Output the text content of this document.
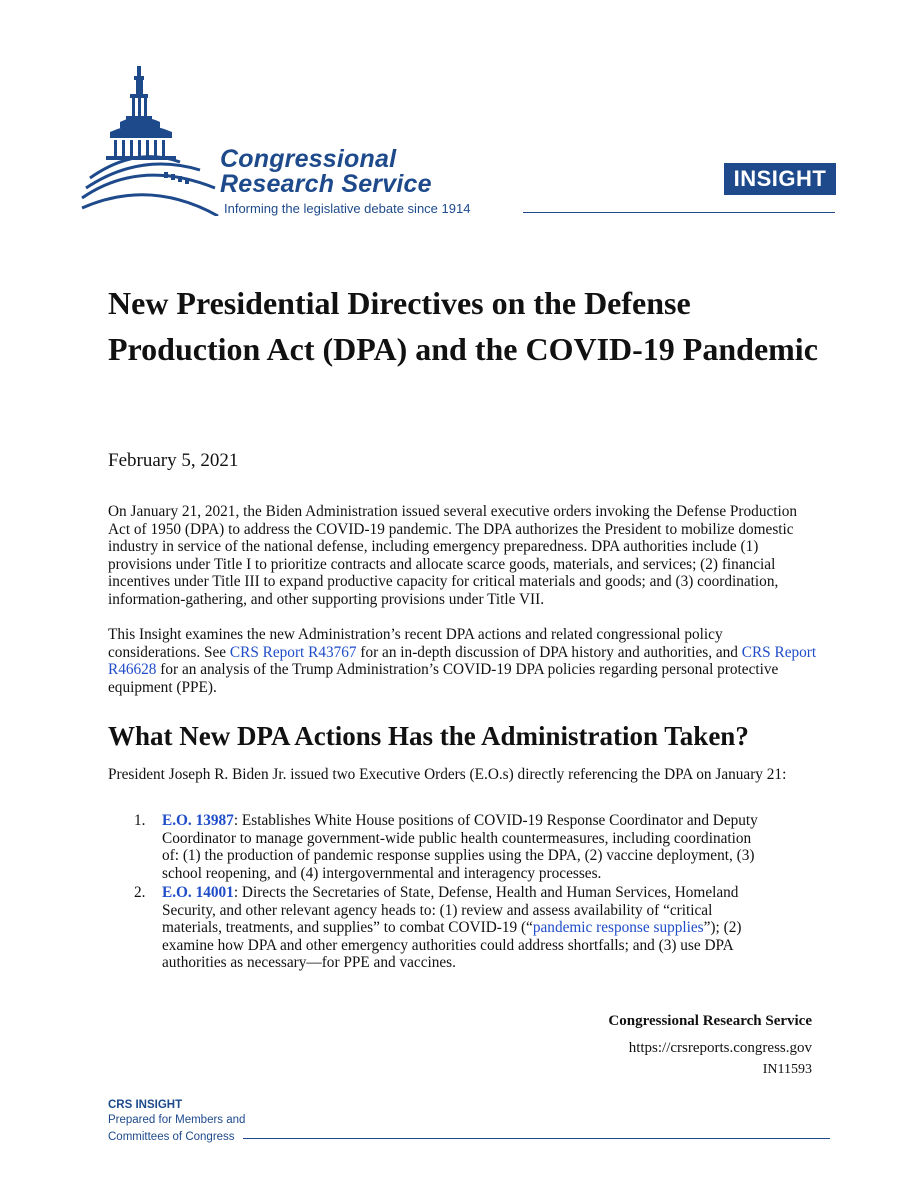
Congressional
Research Service
Informing the legislative debate since 1914
INSIGHT
New Presidential Directives on the Defense Production Act (DPA) and the COVID-19 Pandemic
February 5, 2021

On January 21, 2021, the Biden Administration issued several executive orders invoking the Defense Production Act of 1950 (DPA) to address the COVID-19 pandemic. The DPA authorizes the President to mobilize domestic industry in service of the national defense, including emergency preparedness. DPA authorities include (1) provisions under Title I to prioritize contracts and allocate scarce goods, materials, and services; (2) financial incentives under Title III to expand productive capacity for critical materials and goods; and (3) coordination, information-gathering, and other supporting provisions under Title VII.

This Insight examines the new Administration’s recent DPA actions and related congressional policy considerations. See CRS Report R43767 for an in-depth discussion of DPA history and authorities, and CRS Report R46628 for an analysis of the Trump Administration’s COVID-19 DPA policies regarding personal protective equipment (PPE).

What New DPA Actions Has the Administration Taken?

President Joseph R. Biden Jr. issued two Executive Orders (E.O.s) directly referencing the DPA on January 21:

1. E.O. 13987: Establishes White House positions of COVID-19 Response Coordinator and Deputy Coordinator to manage government-wide public health countermeasures, including coordination of: (1) the production of pandemic response supplies using the DPA, (2) vaccine deployment, (3) school reopening, and (4) intergovernmental and interagency processes.
2. E.O. 14001: Directs the Secretaries of State, Defense, Health and Human Services, Homeland Security, and other relevant agency heads to: (1) review and assess availability of “critical materials, treatments, and supplies” to combat COVID-19 (“pandemic response supplies”); (2) examine how DPA and other emergency authorities could address shortfalls; and (3) use DPA authorities as necessary—for PPE and vaccines.
Congressional Research Service
https://crsreports.congress.gov
IN11593
CRS INSIGHT
Prepared for Members and
Committees of Congress
